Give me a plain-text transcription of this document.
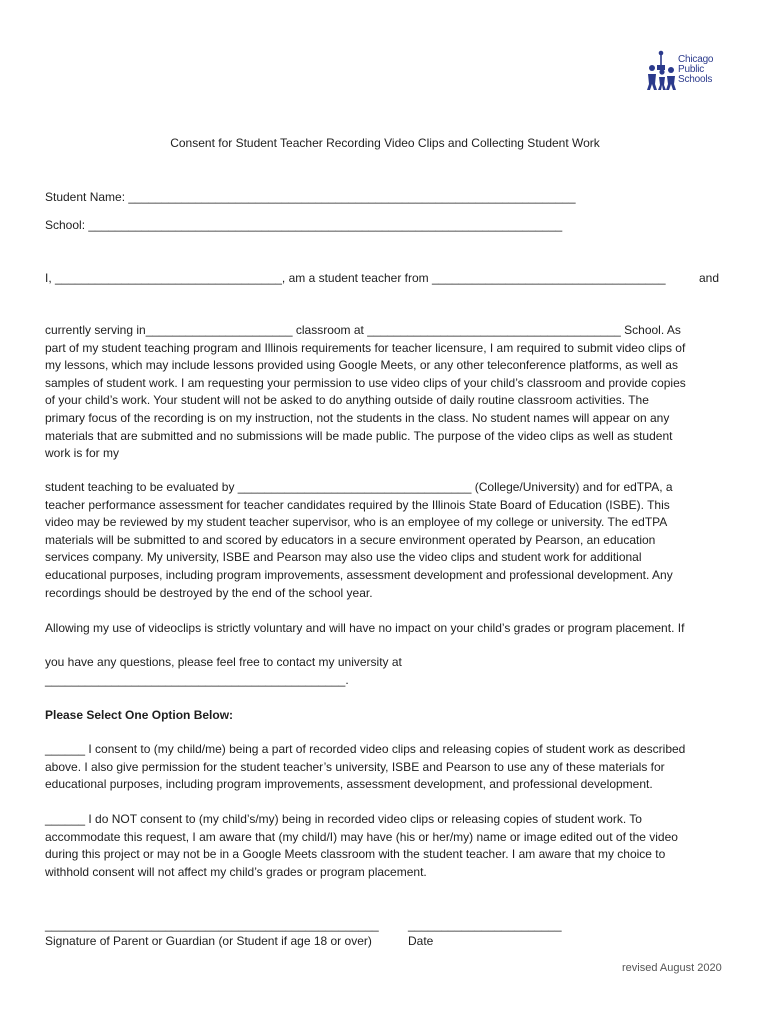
Chicago
Public
Schools
Consent for Student Teacher Recording Video Clips and Collecting Student Work
Student Name: ___________________________________________________________________
School: _______________________________________________________________________
I, __________________________________, am a student teacher from ___________________________________	and
currently serving in______________________ classroom at ______________________________________ School. As
part of my student teaching program and Illinois requirements for teacher licensure, I am required to submit video clips of
my lessons, which may include lessons provided using Google Meets, or any other teleconference platforms, as well as
samples of student work. I am requesting your permission to use video clips of your child’s classroom and provide copies
of your child’s work. Your student will not be asked to do anything outside of daily routine classroom activities. The
primary focus of the recording is on my instruction, not the students in the class. No student names will appear on any
materials that are submitted and no submissions will be made public. The purpose of the video clips as well as student
work is for my
student teaching to be evaluated by ___________________________________ (College/University) and for edTPA, a
teacher performance assessment for teacher candidates required by the Illinois State Board of Education (ISBE). This
video may be reviewed by my student teacher supervisor, who is an employee of my college or university. The edTPA
materials will be submitted to and scored by educators in a secure environment operated by Pearson, an education
services company. My university, ISBE and Pearson may also use the video clips and student work for additional
educational purposes, including program improvements, assessment development and professional development. Any
recordings should be destroyed by the end of the school year.
Allowing my use of videoclips is strictly voluntary and will have no impact on your child’s grades or program placement. If
you have any questions, please feel free to contact my university at
_____________________________________________.
Please Select One Option Below:
______ I consent to (my child/me) being a part of recorded video clips and releasing copies of student work as described
above. I also give permission for the student teacher’s university, ISBE and Pearson to use any of these materials for
educational purposes, including program improvements, assessment development, and professional development.
______ I do NOT consent to (my child’s/my) being in recorded video clips or releasing copies of student work. To
accommodate this request, I am aware that (my child/I) may have (his or her/my) name or image edited out of the video
during this project or may not be in a Google Meets classroom with the student teacher. I am aware that my choice to
withhold consent will not affect my child’s grades or program placement.
__________________________________________________ _______________________
Signature of Parent or Guardian (or Student if age 18 or over)	Date
revised August 2020
